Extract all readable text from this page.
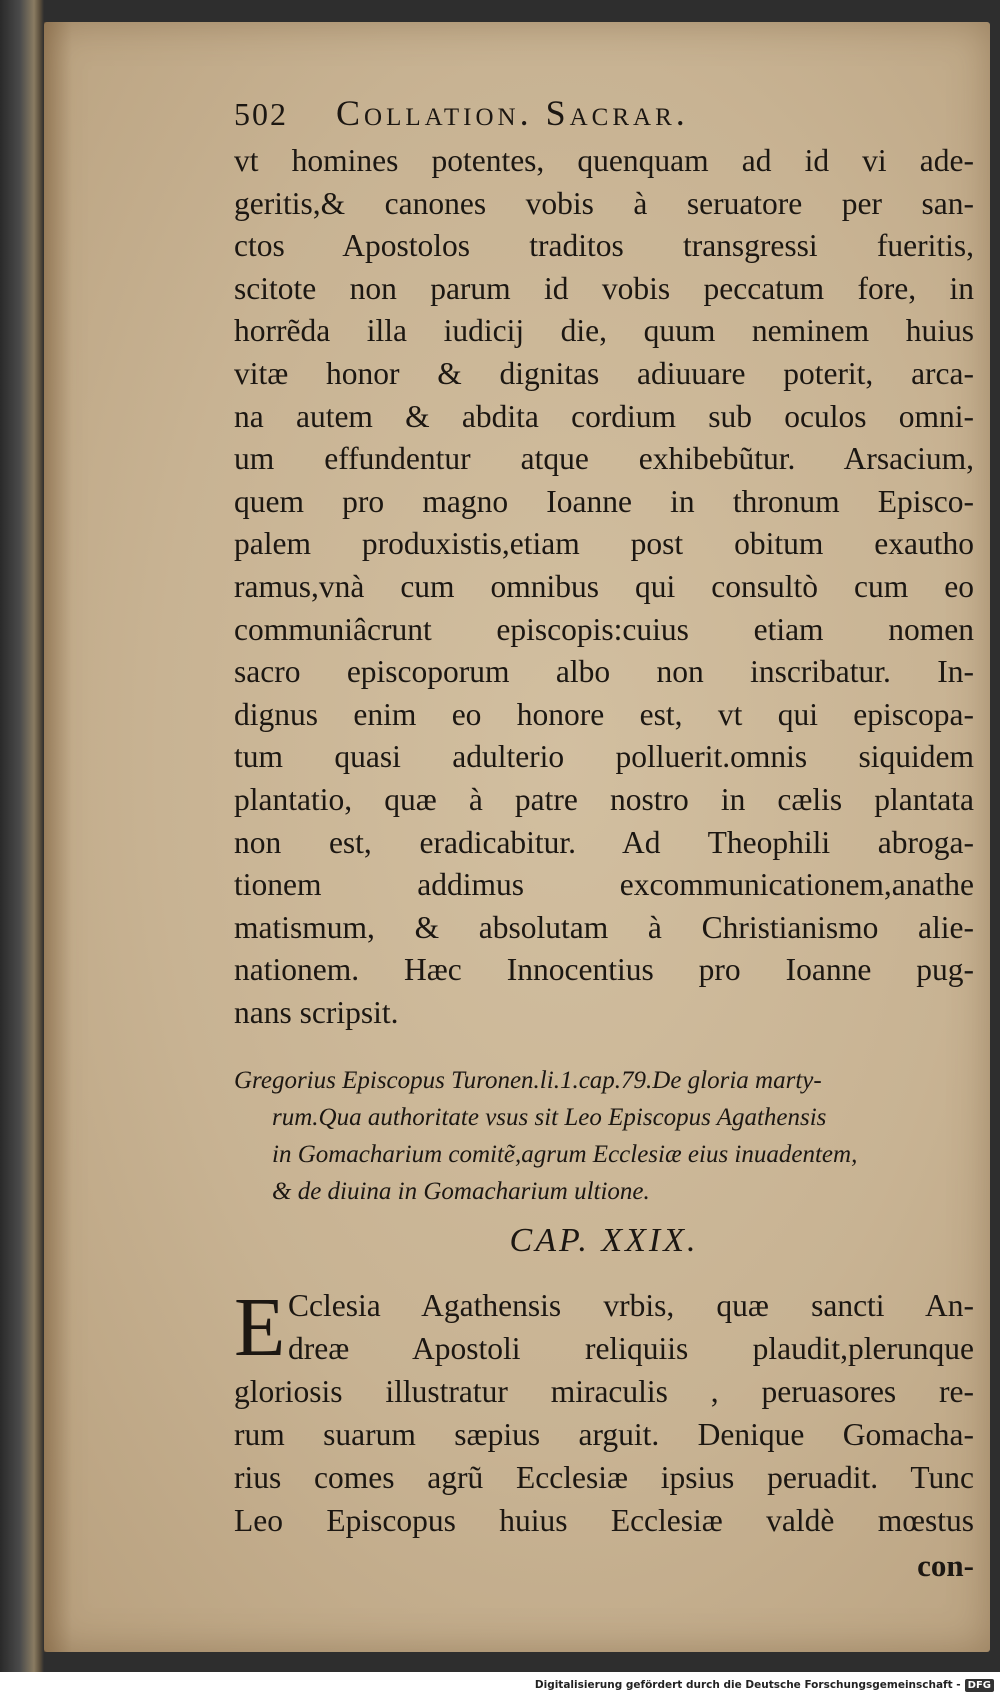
502 Collation. Sacrar.

vt homines potentes, quenquam ad id vi ade-
geritis,& canones vobis à seruatore per san-
ctos Apostolos traditos transgressi fueritis,
scitote non parum id vobis peccatum fore, in
horrẽda illa iudicij die, quum neminem huius
vitæ honor & dignitas adiuuare poterit, arca-
na autem & abdita cordium sub oculos omni-
um effundentur atque exhibebũtur. Arsacium,
quem pro magno Ioanne in thronum Episco-
palem produxistis,etiam post obitum exautho
ramus,vnà cum omnibus qui consultò cum eo
communiâcrunt episcopis:cuius etiam nomen
sacro episcoporum albo non inscribatur. In-
dignus enim eo honore est, vt qui episcopa-
tum quasi adulterio polluerit.omnis siquidem
plantatio, quæ à patre nostro in cælis plantata
non est, eradicabitur. Ad Theophili abroga-
tionem addimus excommunicationem,anathe
matismum, & absolutam à Christianismo alie-
nationem. Hæc Innocentius pro Ioanne pug-
nans scripsit.

Gregorius Episcopus Turonen.li.1.cap.79.De gloria marty-
rum.Qua authoritate vsus sit Leo Episcopus Agathensis
in Gomacharium comitẽ,agrum Ecclesiæ eius inuadentem,
& de diuina in Gomacharium ultione.
CAP. XXIX.
E Cclesia Agathensis vrbis, quæ sancti An-
dreæ Apostoli reliquiis plaudit,plerunque
gloriosis illustratur miraculis , peruasores re-
rum suarum sæpius arguit. Denique Gomacha-
rius comes agrũ Ecclesiæ ipsius peruadit. Tunc
Leo Episcopus huius Ecclesiæ valdè mœstus
con-
Digitalisierung gefördert durch die Deutsche Forschungsgemeinschaft - DFG
